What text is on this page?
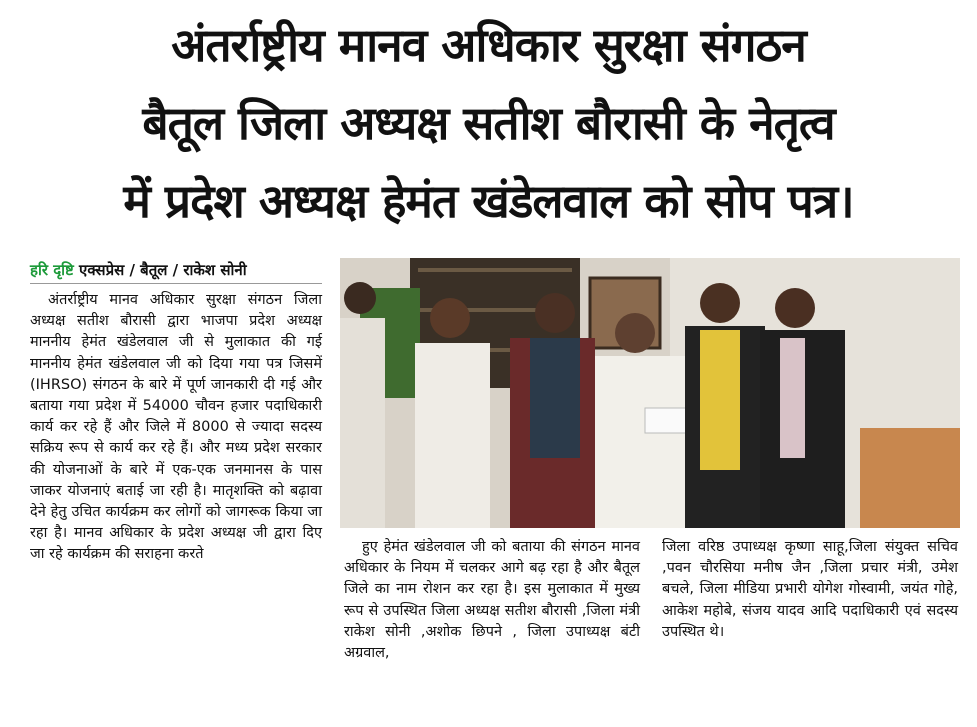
अंतर्राष्ट्रीय मानव अधिकार सुरक्षा संगठन
बैतूल जिला अध्यक्ष सतीश बौरासी के नेतृत्व
में प्रदेश अध्यक्ष हेमंत खंडेलवाल को सोप पत्र।
हरि दृष्टि एक्सप्रेस / बैतूल / राकेश सोनी

अंतर्राष्ट्रीय मानव अधिकार सुरक्षा संगठन जिला अध्यक्ष सतीश बौरासी द्वारा भाजपा प्रदेश अध्यक्ष माननीय हेमंत खंडेलवाल जी से मुलाकात की गई माननीय हेमंत खंडेलवाल जी को दिया गया पत्र जिसमें (IHRSO) संगठन के बारे में पूर्ण जानकारी दी गई और बताया गया प्रदेश में 54000 चौवन हजार पदाधिकारी कार्य कर रहे हैं और जिले में 8000 से ज्यादा सदस्य सक्रिय रूप से कार्य कर रहे हैं। और मध्य प्रदेश सरकार की योजनाओं के बारे में एक-एक जनमानस के पास जाकर योजनाएं बताई जा रही है। मातृशक्ति को बढ़ावा देने हेतु उचित कार्यक्रम कर लोगों को जागरूक किया जा रहा है। मानव अधिकार के प्रदेश अध्यक्ष जी द्वारा दिए जा रहे कार्यक्रम की सराहना करते	हुए हेमंत खंडेलवाल जी को बताया की संगठन मानव अधिकार के नियम में चलकर आगे बढ़ रहा है और बैतूल जिले का नाम रोशन कर रहा है। इस मुलाकात में मुख्य रूप से उपस्थित जिला अध्यक्ष सतीश बौरासी ,जिला मंत्री राकेश सोनी ,अशोक छिपने , जिला उपाध्यक्ष बंटी अग्रवाल,

जिला वरिष्ठ उपाध्यक्ष कृष्णा साहू,जिला संयुक्त सचिव ,पवन चौरसिया मनीष जैन ,जिला प्रचार मंत्री, उमेश बचले, जिला मीडिया प्रभारी योगेश गोस्वामी, जयंत गोहे, आकेश महोबे, संजय यादव आदि पदाधिकारी एवं सदस्य उपस्थित थे।
